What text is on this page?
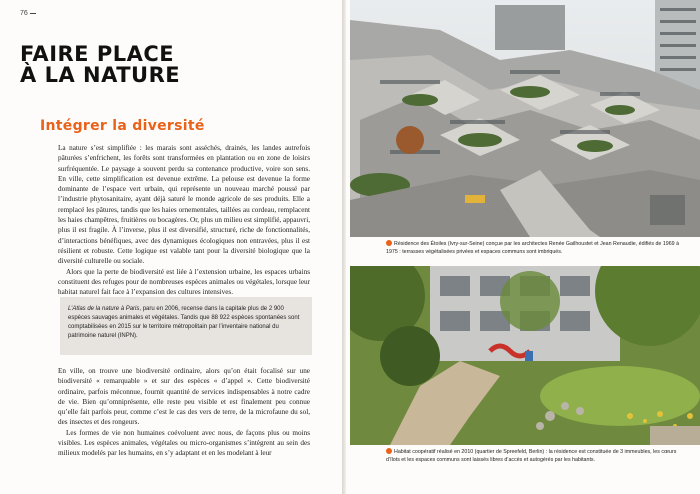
76
FAIRE PLACE
À LA NATURE
Intégrer la diversité

La nature s’est simplifiée : les marais sont asséchés, drainés, les landes autrefois pâturées s’enfrichent, les forêts sont transformées en plantation ou en zone de loisirs surfréquentée. Le paysage a souvent perdu sa contenance productive, voire son sens. En ville, cette simplification est devenue extrême. La pelouse est devenue la forme dominante de l’espace vert urbain, qui représente un nouveau marché poussé par l’industrie phytosanitaire, ayant déjà saturé le monde agricole de ses produits. Elle a remplacé les pâtures, tandis que les haies ornementales, taillées au cordeau, remplacent les haies champêtres, fruitières ou bocagères. Or, plus un milieu est simplifié, appauvri, plus il est fragile. À l’inverse, plus il est diversifié, structuré, riche de fonctionnalités, d’interactions bénéfiques, avec des dynamiques écologiques non entravées, plus il est résilient et robuste. Cette logique est valable tant pour la diversité biologique que la diversité culturelle ou sociale.

Alors que la perte de biodiversité est liée à l’extension urbaine, les espaces urbains constituent des refuges pour de nombreuses espèces animales ou végétales, lorsque leur habitat naturel fait face à l’expansion des cultures intensives.

L’Atlas de la nature à Paris, paru en 2006, recense dans la capitale plus de 2 900 espèces sauvages animales et végétales. Tandis que 88 922 espèces spontanées sont comptabilisées en 2015 sur le territoire métropolitain par l’inventaire national du patrimoine naturel (INPN).

En ville, on trouve une biodiversité ordinaire, alors qu’on était focalisé sur une biodiversité « remarquable » et sur des espèces « d’appel ». Cette biodiversité ordinaire, parfois méconnue, fournit quantité de services indispensables à notre cadre de vie. Bien qu’omniprésente, elle reste peu visible et est finalement peu connue qu’elle fait parfois peur, comme c’est le cas des vers de terre, de la microfaune du sol, des insectes et des rongeurs.

Les formes de vie non humaines coévoluent avec nous, de façons plus ou moins visibles. Les espèces animales, végétales ou micro-organismes s’intègrent au sein des milieux modelés par les humains, en s’y adaptant et en les modelant à leur

Résidence des Étoiles (Ivry-sur-Seine) conçue par les architectes Renée Gailhoustet et Jean Renaudie, édifiés de 1969 à 1975 : terrasses végétalisées privées et espaces communs sont imbriqués.
Habitat coopératif réalisé en 2010 (quartier de Spreefeld, Berlin) : la résidence est constituée de 3 immeubles, les cœurs d’îlots et les espaces communs sont laissés libres d’accès et autogérés par les habitants.
